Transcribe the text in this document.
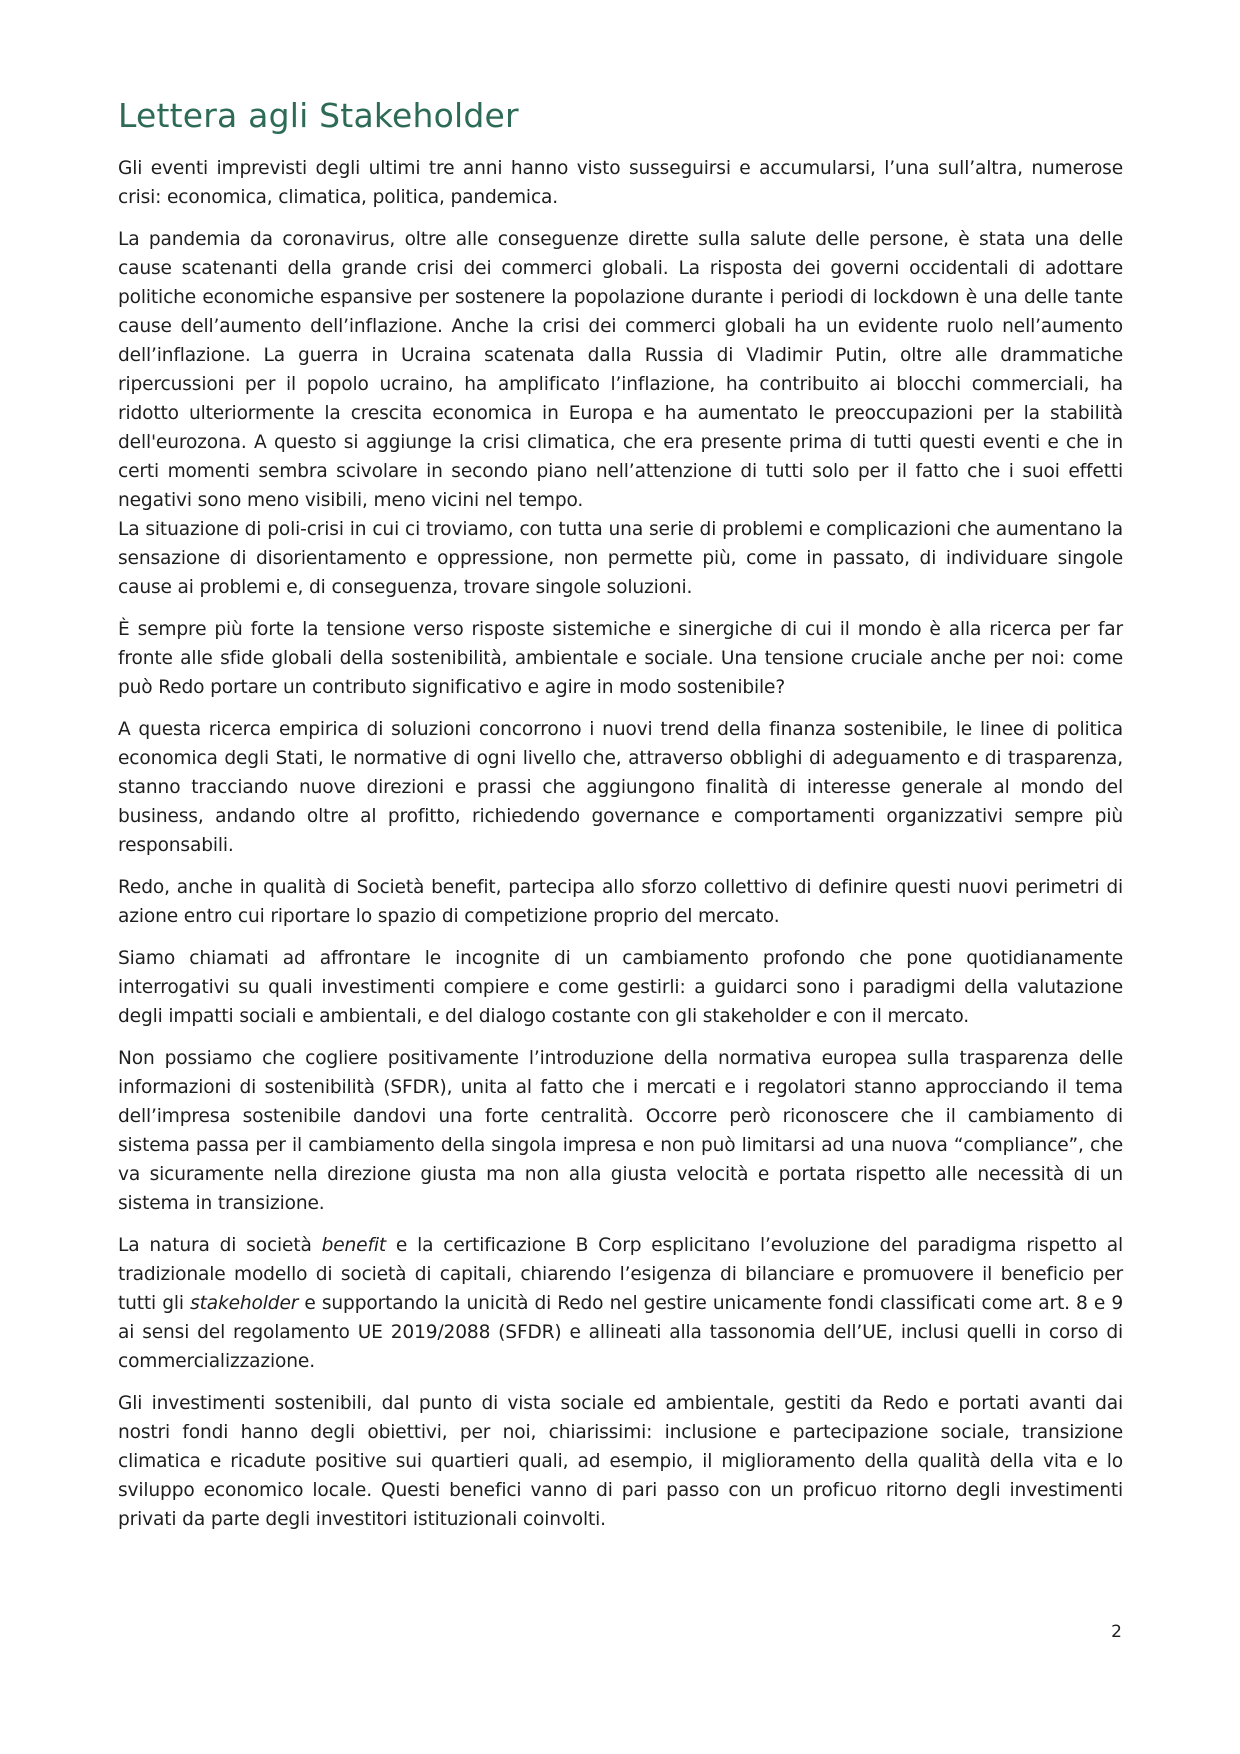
Lettera agli Stakeholder

Gli eventi imprevisti degli ultimi tre anni hanno visto susseguirsi e accumularsi, l’una sull’altra, numerose crisi: economica, climatica, politica, pandemica.

La pandemia da coronavirus, oltre alle conseguenze dirette sulla salute delle persone, è stata una delle cause scatenanti della grande crisi dei commerci globali. La risposta dei governi occidentali di adottare politiche economiche espansive per sostenere la popolazione durante i periodi di lockdown è una delle tante cause dell’aumento dell’inflazione. Anche la crisi dei commerci globali ha un evidente ruolo nell’aumento dell’inflazione. La guerra in Ucraina scatenata dalla Russia di Vladimir Putin, oltre alle drammatiche ripercussioni per il popolo ucraino, ha amplificato l’inflazione, ha contribuito ai blocchi commerciali, ha ridotto ulteriormente la crescita economica in Europa e ha aumentato le preoccupazioni per la stabilità dell'eurozona. A questo si aggiunge la crisi climatica, che era presente prima di tutti questi eventi e che in certi momenti sembra scivolare in secondo piano nell’attenzione di tutti solo per il fatto che i suoi effetti negativi sono meno visibili, meno vicini nel tempo.

La situazione di poli-crisi in cui ci troviamo, con tutta una serie di problemi e complicazioni che aumentano la sensazione di disorientamento e oppressione, non permette più, come in passato, di individuare singole cause ai problemi e, di conseguenza, trovare singole soluzioni.

È sempre più forte la tensione verso risposte sistemiche e sinergiche di cui il mondo è alla ricerca per far fronte alle sfide globali della sostenibilità, ambientale e sociale. Una tensione cruciale anche per noi: come può Redo portare un contributo significativo e agire in modo sostenibile?

A questa ricerca empirica di soluzioni concorrono i nuovi trend della finanza sostenibile, le linee di politica economica degli Stati, le normative di ogni livello che, attraverso obblighi di adeguamento e di trasparenza, stanno tracciando nuove direzioni e prassi che aggiungono finalità di interesse generale al mondo del business, andando oltre al profitto, richiedendo governance e comportamenti organizzativi sempre più responsabili.

Redo, anche in qualità di Società benefit, partecipa allo sforzo collettivo di definire questi nuovi perimetri di azione entro cui riportare lo spazio di competizione proprio del mercato.

Siamo chiamati ad affrontare le incognite di un cambiamento profondo che pone quotidianamente interrogativi su quali investimenti compiere e come gestirli: a guidarci sono i paradigmi della valutazione degli impatti sociali e ambientali, e del dialogo costante con gli stakeholder e con il mercato.

Non possiamo che cogliere positivamente l’introduzione della normativa europea sulla trasparenza delle informazioni di sostenibilità (SFDR), unita al fatto che i mercati e i regolatori stanno approcciando il tema dell’impresa sostenibile dandovi una forte centralità. Occorre però riconoscere che il cambiamento di sistema passa per il cambiamento della singola impresa e non può limitarsi ad una nuova “compliance”, che va sicuramente nella direzione giusta ma non alla giusta velocità e portata rispetto alle necessità di un sistema in transizione.

La natura di società benefit e la certificazione B Corp esplicitano l’evoluzione del paradigma rispetto al tradizionale modello di società di capitali, chiarendo l’esigenza di bilanciare e promuovere il beneficio per tutti gli stakeholder e supportando la unicità di Redo nel gestire unicamente fondi classificati come art. 8 e 9 ai sensi del regolamento UE 2019/2088 (SFDR) e allineati alla tassonomia dell’UE, inclusi quelli in corso di commercializzazione.

Gli investimenti sostenibili, dal punto di vista sociale ed ambientale, gestiti da Redo e portati avanti dai nostri fondi hanno degli obiettivi, per noi, chiarissimi: inclusione e partecipazione sociale, transizione climatica e ricadute positive sui quartieri quali, ad esempio, il miglioramento della qualità della vita e lo sviluppo economico locale. Questi benefici vanno di pari passo con un proficuo ritorno degli investimenti privati da parte degli investitori istituzionali coinvolti.

2
